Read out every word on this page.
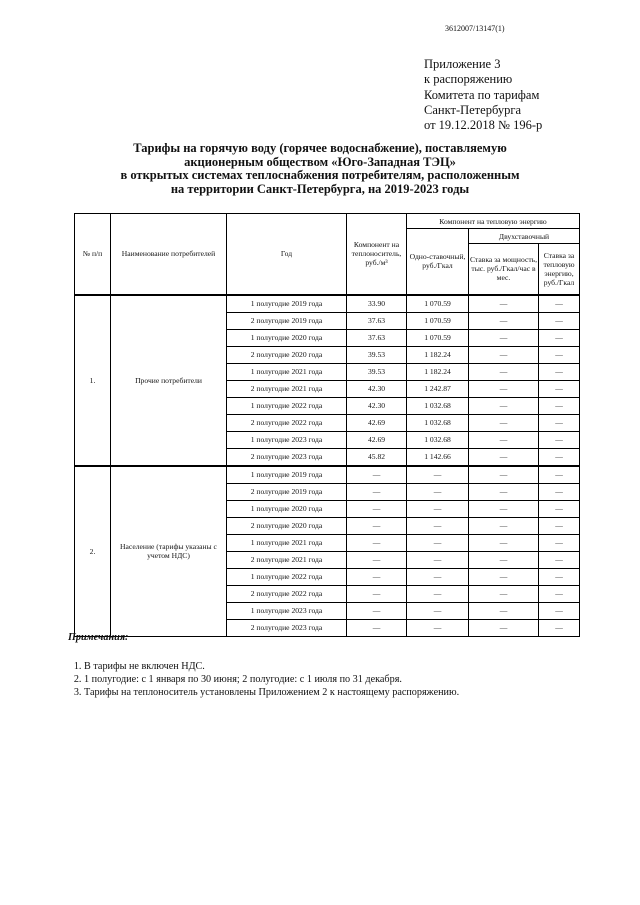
3612007/13147(1)
Приложение 3
к распоряжению
Комитета по тарифам
Санкт-Петербурга
от 19.12.2018 № 196-р
Тарифы на горячую воду (горячее водоснабжение), поставляемую
акционерным обществом «Юго-Западная ТЭЦ»
в открытых системах теплоснабжения потребителям, расположенным
на территории Санкт-Петербурга, на 2019-2023 годы
№ п/п	Наименование потребителей	Год	Компонент на теплоноситель, руб./м³	Компонент на тепловую энергию		
				Одно-ставочный, руб./Гкал	Двухставочный	
					Ставка за мощность, тыс. руб./Гкал/час в мес.	Ставка за тепловую энергию, руб./Гкал
1.	Прочие потребители	1 полугодие 2019 года	33.90	1 070.59	—	—
		2 полугодие 2019 года	37.63	1 070.59	—	—
		1 полугодие 2020 года	37.63	1 070.59	—	—
		2 полугодие 2020 года	39.53	1 182.24	—	—
		1 полугодие 2021 года	39.53	1 182.24	—	—
		2 полугодие 2021 года	42.30	1 242.87	—	—
		1 полугодие 2022 года	42.30	1 032.68	—	—
		2 полугодие 2022 года	42.69	1 032.68	—	—
		1 полугодие 2023 года	42.69	1 032.68	—	—
		2 полугодие 2023 года	45.82	1 142.66	—	—
2.	Население (тарифы указаны с учетом НДС)	1 полугодие 2019 года	—	—	—	—
		2 полугодие 2019 года	—	—	—	—
		1 полугодие 2020 года	—	—	—	—
		2 полугодие 2020 года	—	—	—	—
		1 полугодие 2021 года	—	—	—	—
		2 полугодие 2021 года	—	—	—	—
		1 полугодие 2022 года	—	—	—	—
		2 полугодие 2022 года	—	—	—	—
		1 полугодие 2023 года	—	—	—	—
		2 полугодие 2023 года	—	—	—	—
Примечания:
1. В тарифы не включен НДС.
2. 1 полугодие: с 1 января по 30 июня; 2 полугодие: с 1 июля по 31 декабря.
3. Тарифы на теплоноситель установлены Приложением 2 к настоящему распоряжению.
